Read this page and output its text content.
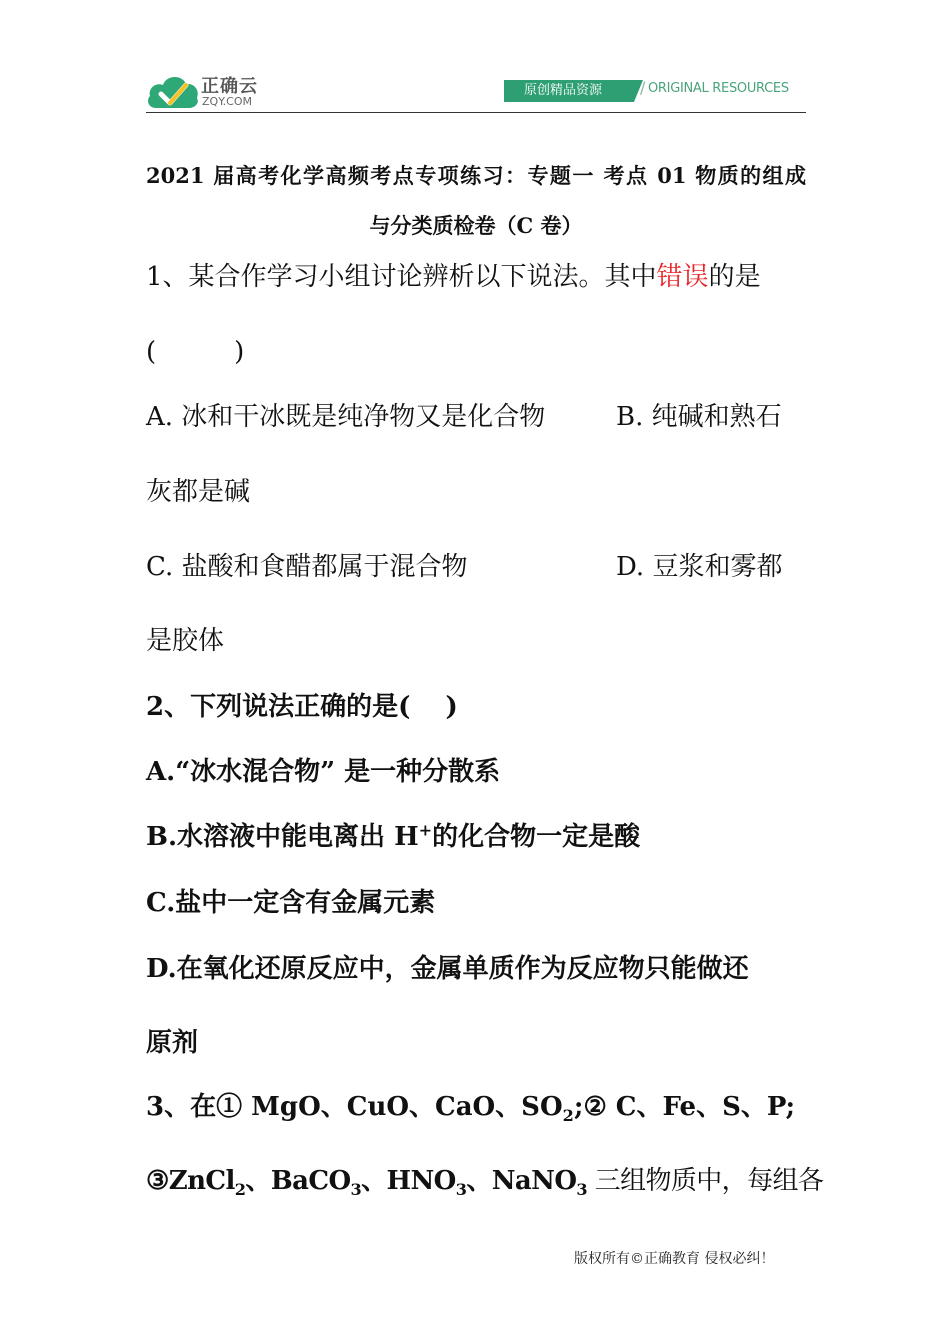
正确云
ZQY.COM
原创精品资源	/ ORIGINAL RESOURCES
2021 届高考化学高频考点专项练习：专题一 考点 01 物质的组成
与分类质检卷（C 卷）
1、某合作学习小组讨论辨析以下说法。其中错误的是
(　　　)
A. 冰和干冰既是纯净物又是化合物	B. 纯碱和熟石
灰都是碱
C. 盐酸和食醋都属于混合物	D. 豆浆和雾都
是胶体
2、下列说法正确的是(　 )
A.“冰水混合物” 是一种分散系
B.水溶液中能电离出 H+的化合物一定是酸
C.盐中一定含有金属元素
D.在氧化还原反应中，金属单质作为反应物只能做还
原剂
3、在① MgO、CuO、CaO、$SO_2;②$ C、Fe、S、P;
③ZnCl$_2$、BaCO$_3$、$HNO_3$、NaNO$_3$ 三组物质中，每组各
版权所有©正确教育 侵权必纠！
